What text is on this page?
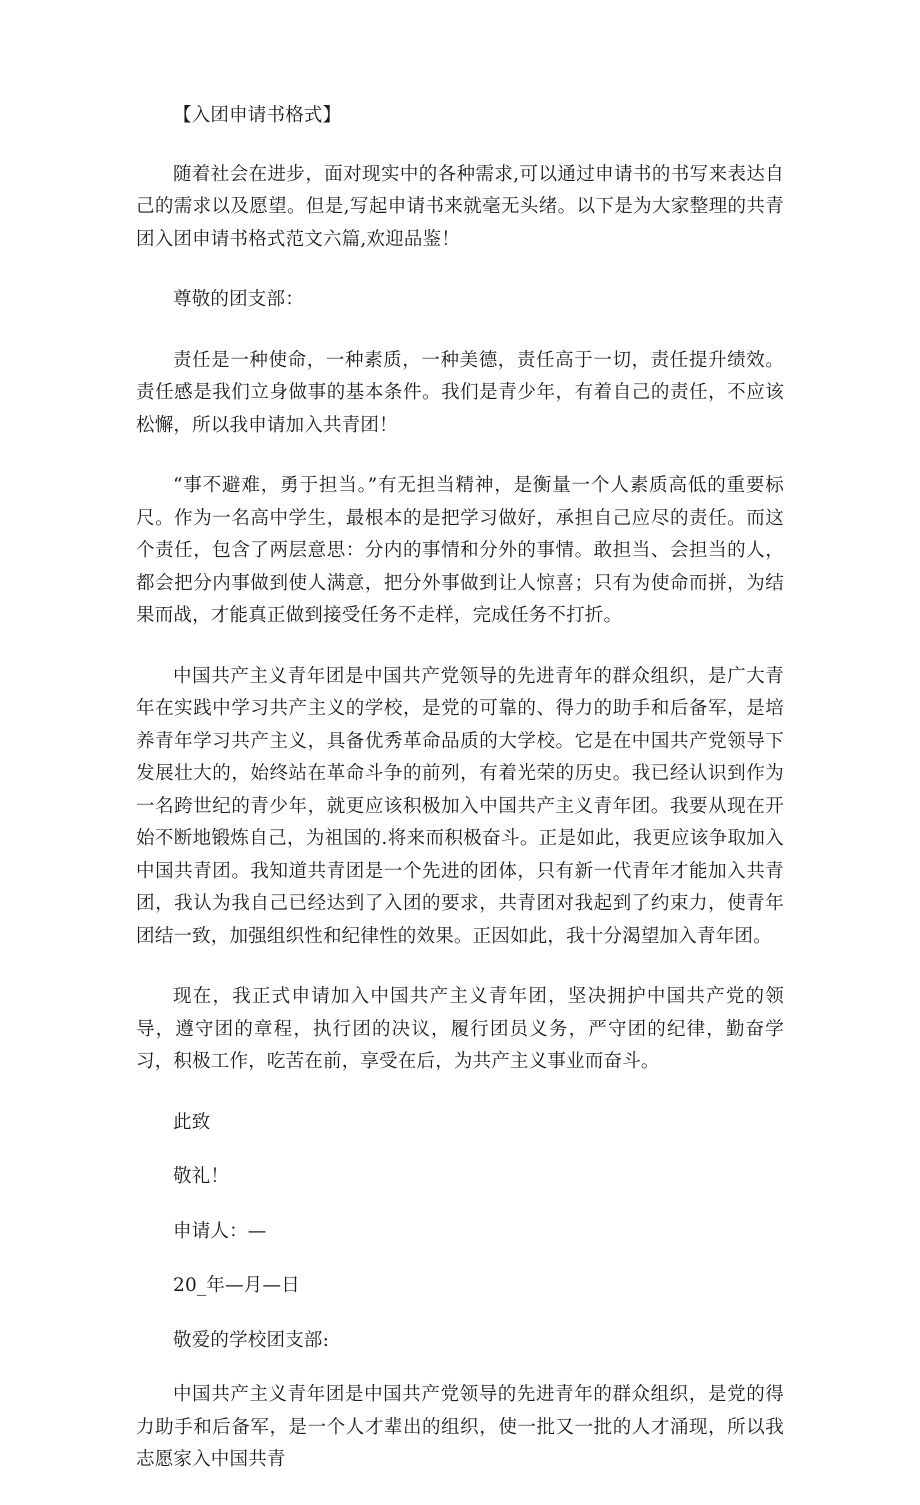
【入团申请书格式】

随着社会在进步，面对现实中的各种需求,可以通过申请书的书写来表达自己的需求以及愿望。但是,写起申请书来就毫无头绪。以下是为大家整理的共青团入团申请书格式范文六篇,欢迎品鉴！

尊敬的团支部：

责任是一种使命，一种素质，一种美德，责任高于一切，责任提升绩效。责任感是我们立身做事的基本条件。我们是青少年，有着自己的责任，不应该松懈，所以我申请加入共青团！

“事不避难，勇于担当。”有无担当精神，是衡量一个人素质高低的重要标尺。作为一名高中学生，最根本的是把学习做好，承担自己应尽的责任。而这个责任，包含了两层意思：分内的事情和分外的事情。敢担当、会担当的人，都会把分内事做到使人满意，把分外事做到让人惊喜；只有为使命而拼，为结果而战，才能真正做到接受任务不走样，完成任务不打折。

中国共产主义青年团是中国共产党领导的先进青年的群众组织，是广大青年在实践中学习共产主义的学校，是党的可靠的、得力的助手和后备军，是培养青年学习共产主义，具备优秀革命品质的大学校。它是在中国共产党领导下发展壮大的，始终站在革命斗争的前列，有着光荣的历史。我已经认识到作为一名跨世纪的青少年，就更应该积极加入中国共产主义青年团。我要从现在开始不断地锻炼自己，为祖国的.将来而积极奋斗。正是如此，我更应该争取加入中国共青团。我知道共青团是一个先进的团体，只有新一代青年才能加入共青团，我认为我自己已经达到了入团的要求，共青团对我起到了约束力，使青年团结一致，加强组织性和纪律性的效果。正因如此，我十分渴望加入青年团。

现在，我正式申请加入中国共产主义青年团，坚决拥护中国共产党的领导，遵守团的章程，执行团的决议，履行团员义务，严守团的纪律，勤奋学习，积极工作，吃苦在前，享受在后，为共产主义事业而奋斗。

此致

敬礼！

申请人：—

20_年—月—日

敬爱的学校团支部:

中国共产主义青年团是中国共产党领导的先进青年的群众组织，是党的得力助手和后备军，是一个人才辈出的组织，使一批又一批的人才涌现，所以我志愿家入中国共青
